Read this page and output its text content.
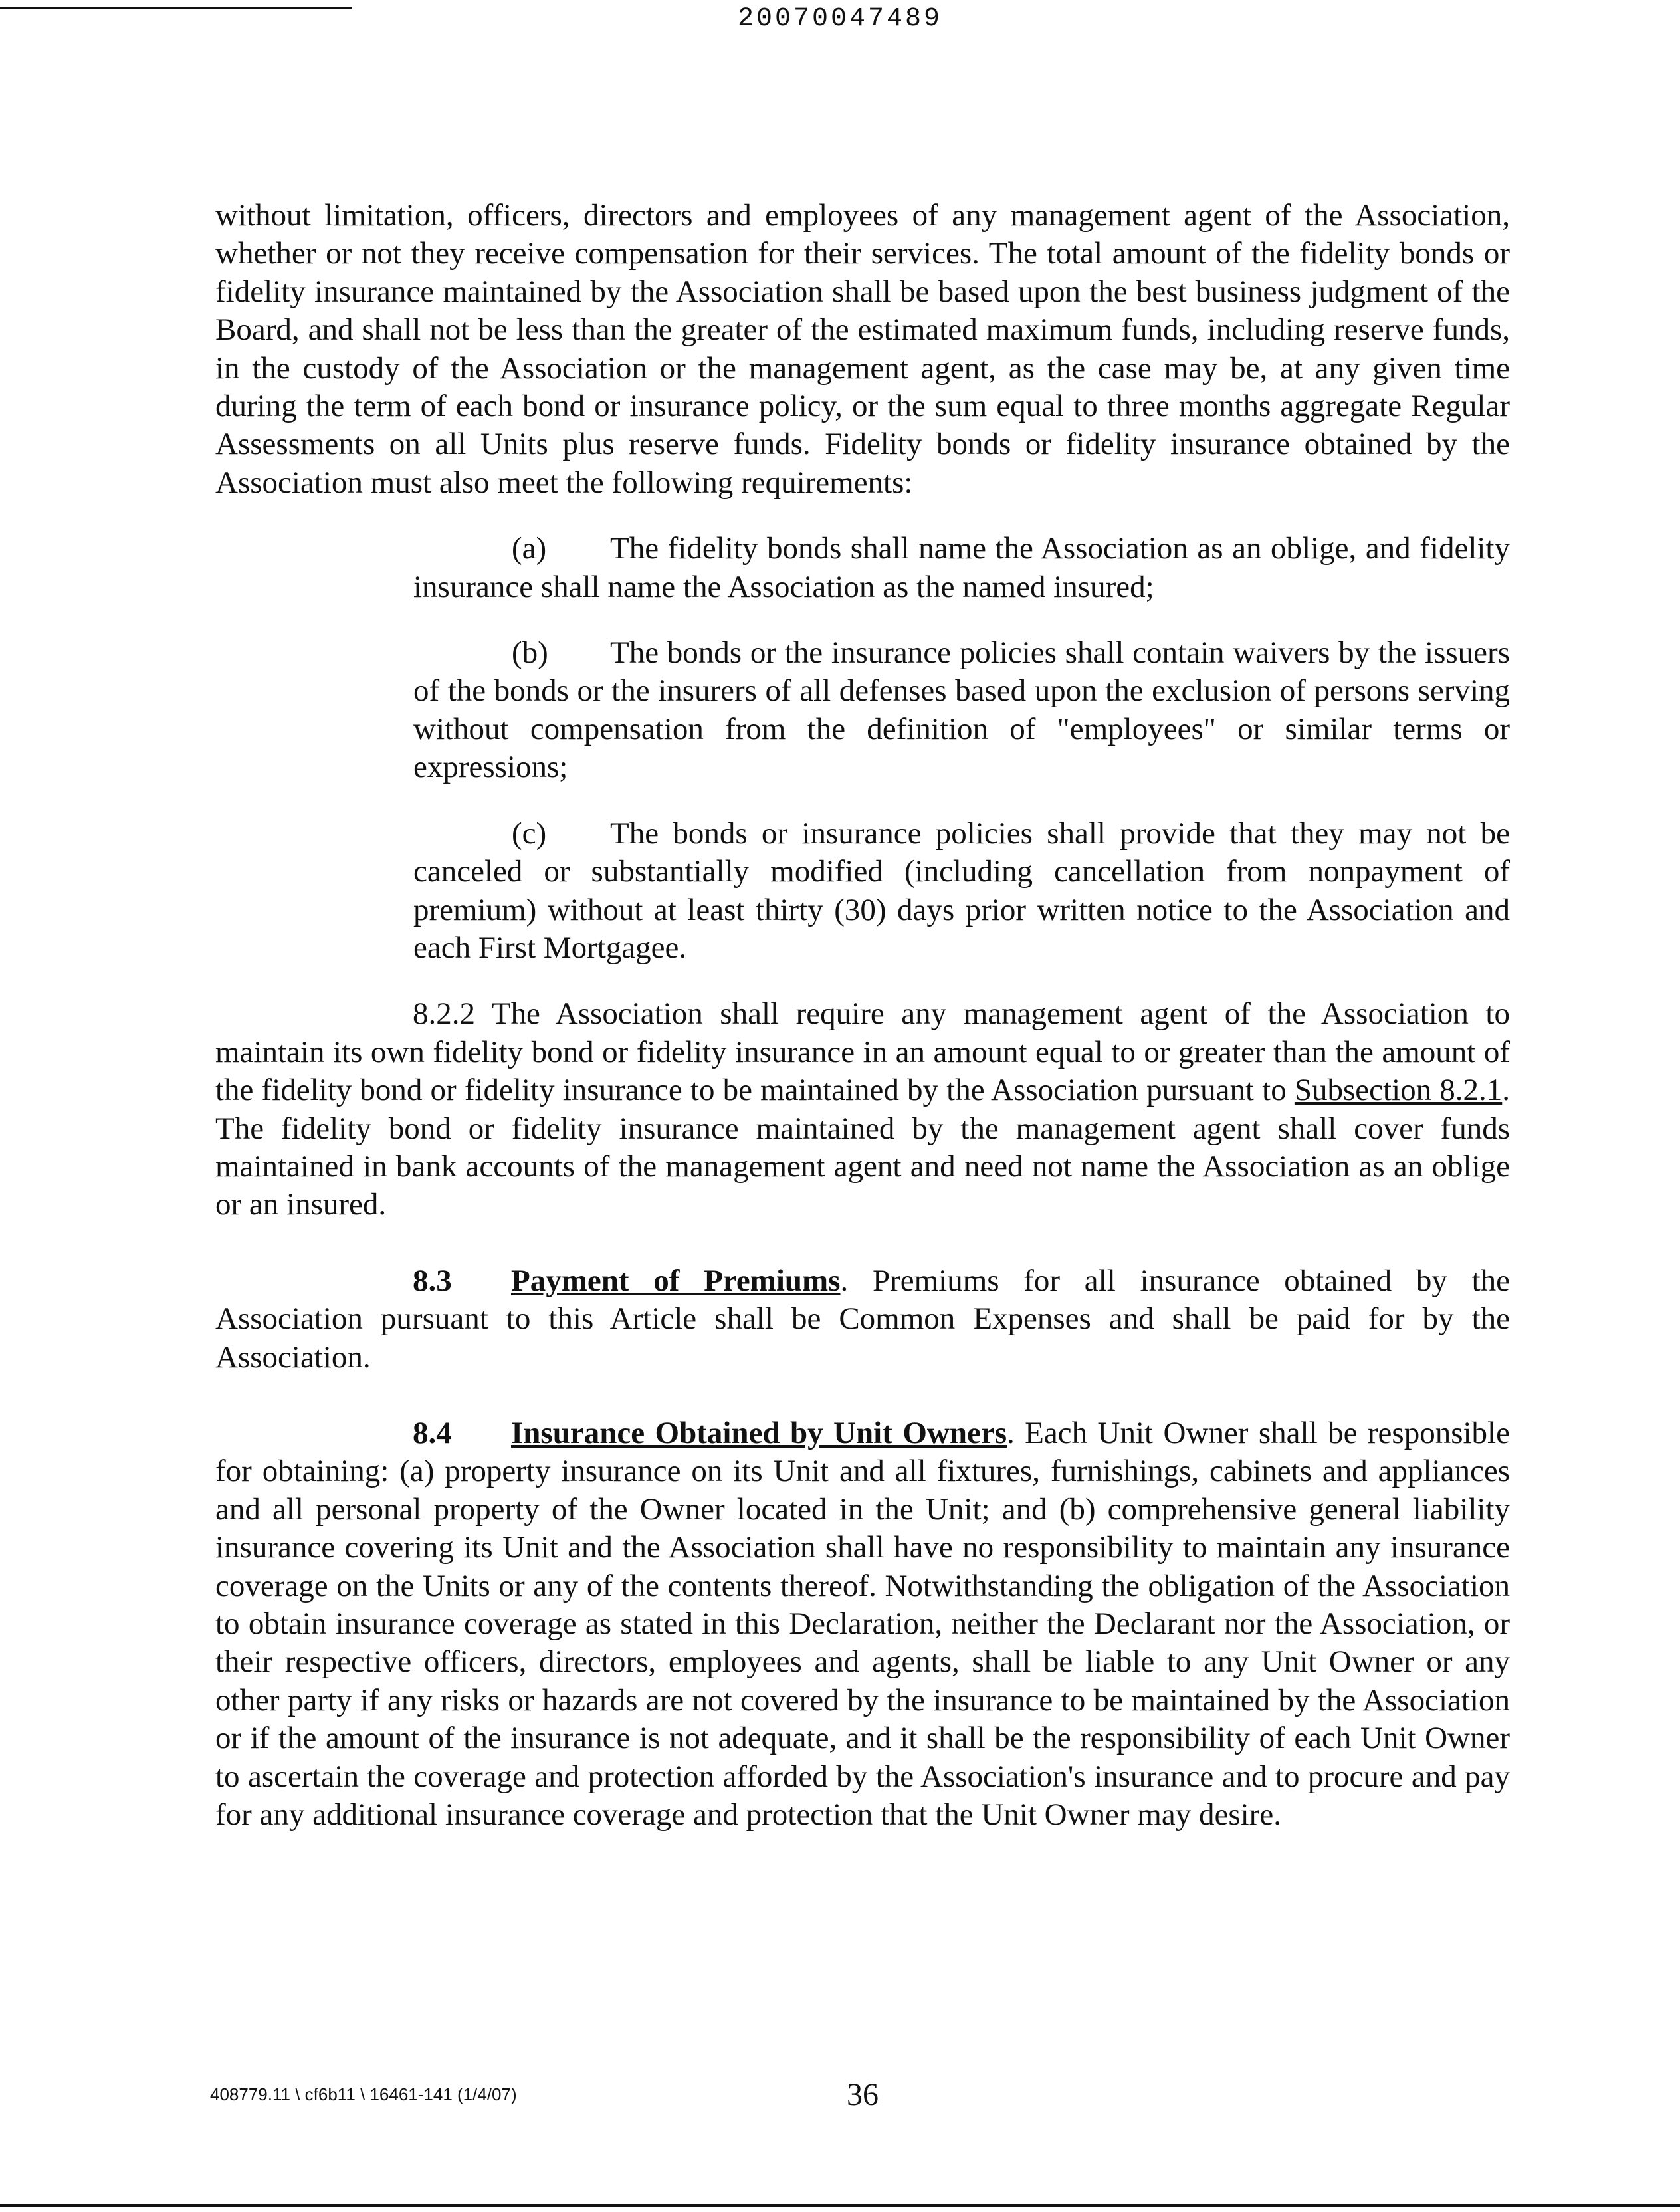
20070047489

without limitation, officers, directors and employees of any management agent of the Association, whether or not they receive compensation for their services. The total amount of the fidelity bonds or fidelity insurance maintained by the Association shall be based upon the best business judgment of the Board, and shall not be less than the greater of the estimated maximum funds, including reserve funds, in the custody of the Association or the management agent, as the case may be, at any given time during the term of each bond or insurance policy, or the sum equal to three months aggregate Regular Assessments on all Units plus reserve funds. Fidelity bonds or fidelity insurance obtained by the Association must also meet the following requirements:

(a) The fidelity bonds shall name the Association as an oblige, and fidelity insurance shall name the Association as the named insured;

(b) The bonds or the insurance policies shall contain waivers by the issuers of the bonds or the insurers of all defenses based upon the exclusion of persons serving without compensation from the definition of "employees" or similar terms or expressions;

(c) The bonds or insurance policies shall provide that they may not be canceled or substantially modified (including cancellation from nonpayment of premium) without at least thirty (30) days prior written notice to the Association and each First Mortgagee.

8.2.2 The Association shall require any management agent of the Association to maintain its own fidelity bond or fidelity insurance in an amount equal to or greater than the amount of the fidelity bond or fidelity insurance to be maintained by the Association pursuant to Subsection 8.2.1. The fidelity bond or fidelity insurance maintained by the management agent shall cover funds maintained in bank accounts of the management agent and need not name the Association as an oblige or an insured.

8.3 Payment of Premiums. Premiums for all insurance obtained by the Association pursuant to this Article shall be Common Expenses and shall be paid for by the Association.

8.4 Insurance Obtained by Unit Owners. Each Unit Owner shall be responsible for obtaining: (a) property insurance on its Unit and all fixtures, furnishings, cabinets and appliances and all personal property of the Owner located in the Unit; and (b) comprehensive general liability insurance covering its Unit and the Association shall have no responsibility to maintain any insurance coverage on the Units or any of the contents thereof. Notwithstanding the obligation of the Association to obtain insurance coverage as stated in this Declaration, neither the Declarant nor the Association, or their respective officers, directors, employees and agents, shall be liable to any Unit Owner or any other party if any risks or hazards are not covered by the insurance to be maintained by the Association or if the amount of the insurance is not adequate, and it shall be the responsibility of each Unit Owner to ascertain the coverage and protection afforded by the Association's insurance and to procure and pay for any additional insurance coverage and protection that the Unit Owner may desire.

408779.11 \ cf6b11 \ 16461-141 (1/4/07)	36
